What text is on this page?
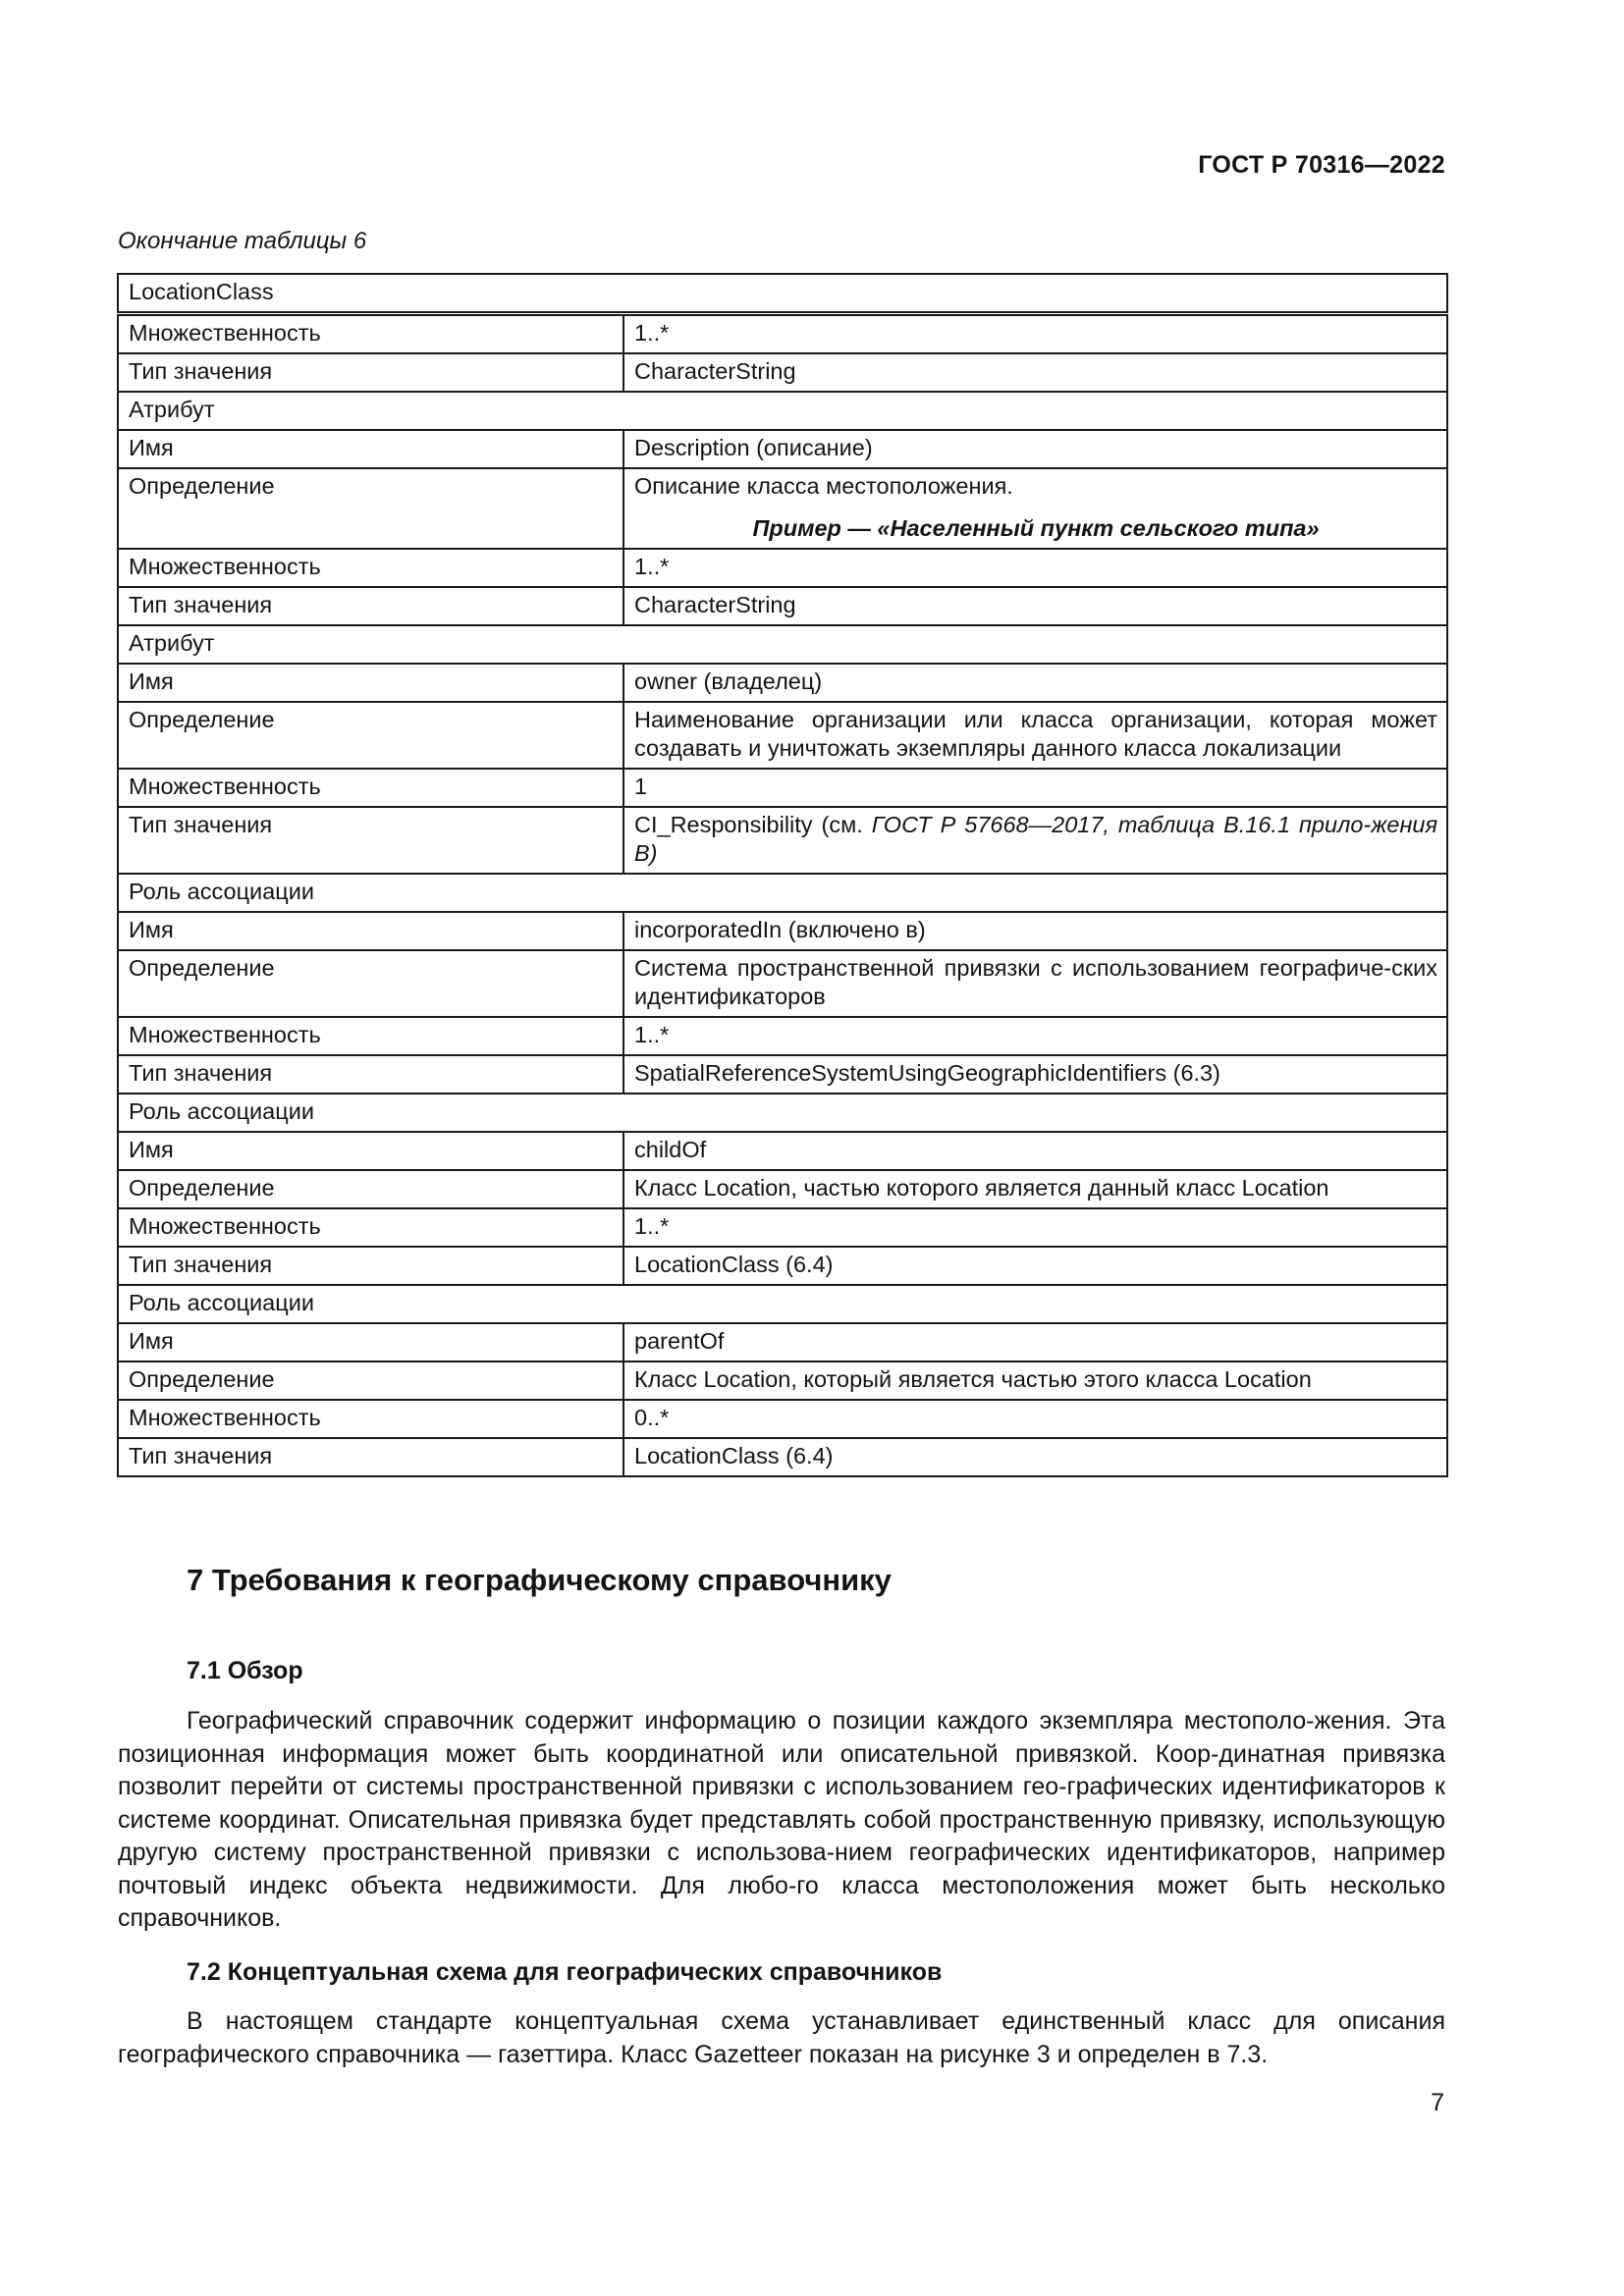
ГОСТ Р 70316—2022
Окончание таблицы 6
LocationClass	
Множественность	1..*
Тип значения	CharacterString
Атрибут	
Имя	Description (описание)
Определение	Описание класса местоположения.
Пример — «Населенный пункт сельского типа»

Множественность	1..*
Тип значения	CharacterString
Атрибут	
Имя	owner (владелец)
Определение	Наименование организации или класса организации, которая может создавать и уничтожать экземпляры данного класса локализации
Множественность	1
Тип значения	CI_Responsibility (см. ГОСТ Р 57668—2017, таблица В.16.1 прило-жения В)
Роль ассоциации	
Имя	incorporatedIn (включено в)
Определение	Система пространственной привязки с использованием географиче-ских идентификаторов
Множественность	1..*
Тип значения	SpatialReferenceSystemUsingGeographicIdentifiers (6.3)
Роль ассоциации	
Имя	childOf
Определение	Класс Location, частью которого является данный класс Location
Множественность	1..*
Тип значения	LocationClass (6.4)
Роль ассоциации	
Имя	parentOf
Определение	Класс Location, который является частью этого класса Location
Множественность	0..*
Тип значения	LocationClass (6.4)
7 Требования к географическому справочнику
7.1 Обзор

Географический справочник содержит информацию о позиции каждого экземпляра местополо-жения. Эта позиционная информация может быть координатной или описательной привязкой. Коор-динатная привязка позволит перейти от системы пространственной привязки с использованием гео-графических идентификаторов к системе координат. Описательная привязка будет представлять собой пространственную привязку, использующую другую систему пространственной привязки с использова-нием географических идентификаторов, например почтовый индекс объекта недвижимости. Для любо-го класса местоположения может быть несколько справочников.

7.2 Концептуальная схема для географических справочников

В настоящем стандарте концептуальная схема устанавливает единственный класс для описания географического справочника — газеттира. Класс Gazetteer показан на рисунке 3 и определен в 7.3.

7
